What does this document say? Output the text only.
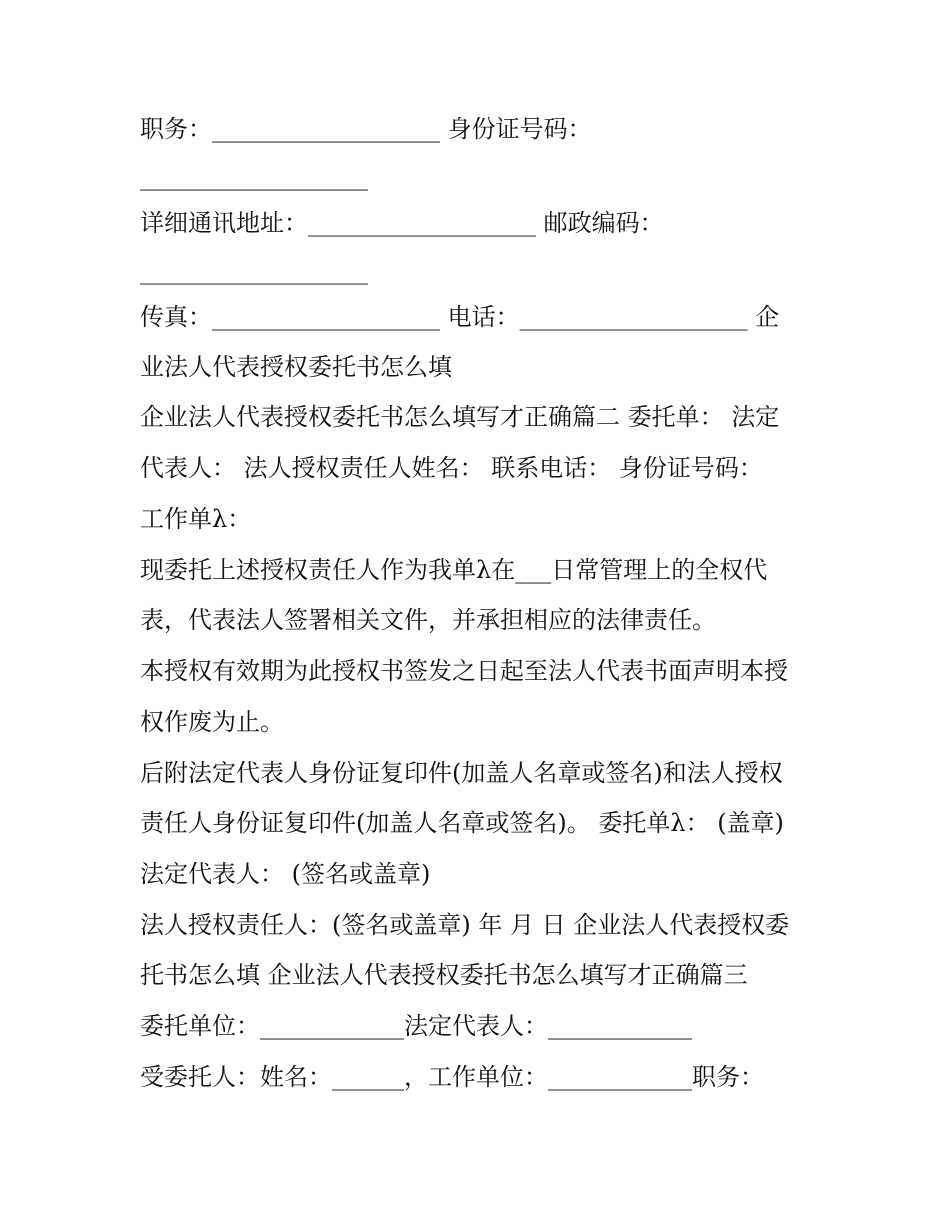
职务：___________________ 身份证号码：
___________________
详细通讯地址：___________________ 邮政编码：
___________________
传真：___________________ 电话：___________________ 企
业法人代表授权委托书怎么填
企业法人代表授权委托书怎么填写才正确篇二 委托单： 法定
代表人： 法人授权责任人姓名： 联系电话： 身份证号码：
工作单λ：
现委托上述授权责任人作为我单λ在___日常管理上的全权代
表，代表法人签署相关文件，并承担相应的法律责任。
本授权有效期为此授权书签发之日起至法人代表书面声明本授
权作废为止。
后附法定代表人身份证复印件(加盖人名章或签名)和法人授权
责任人身份证复印件(加盖人名章或签名)。 委托单λ： (盖章)
法定代表人： (签名或盖章)
法人授权责任人：(签名或盖章) 年 月 日 企业法人代表授权委
托书怎么填 企业法人代表授权委托书怎么填写才正确篇三
委托单位：____________法定代表人：____________
受委托人：姓名：______，工作单位：____________职务：
